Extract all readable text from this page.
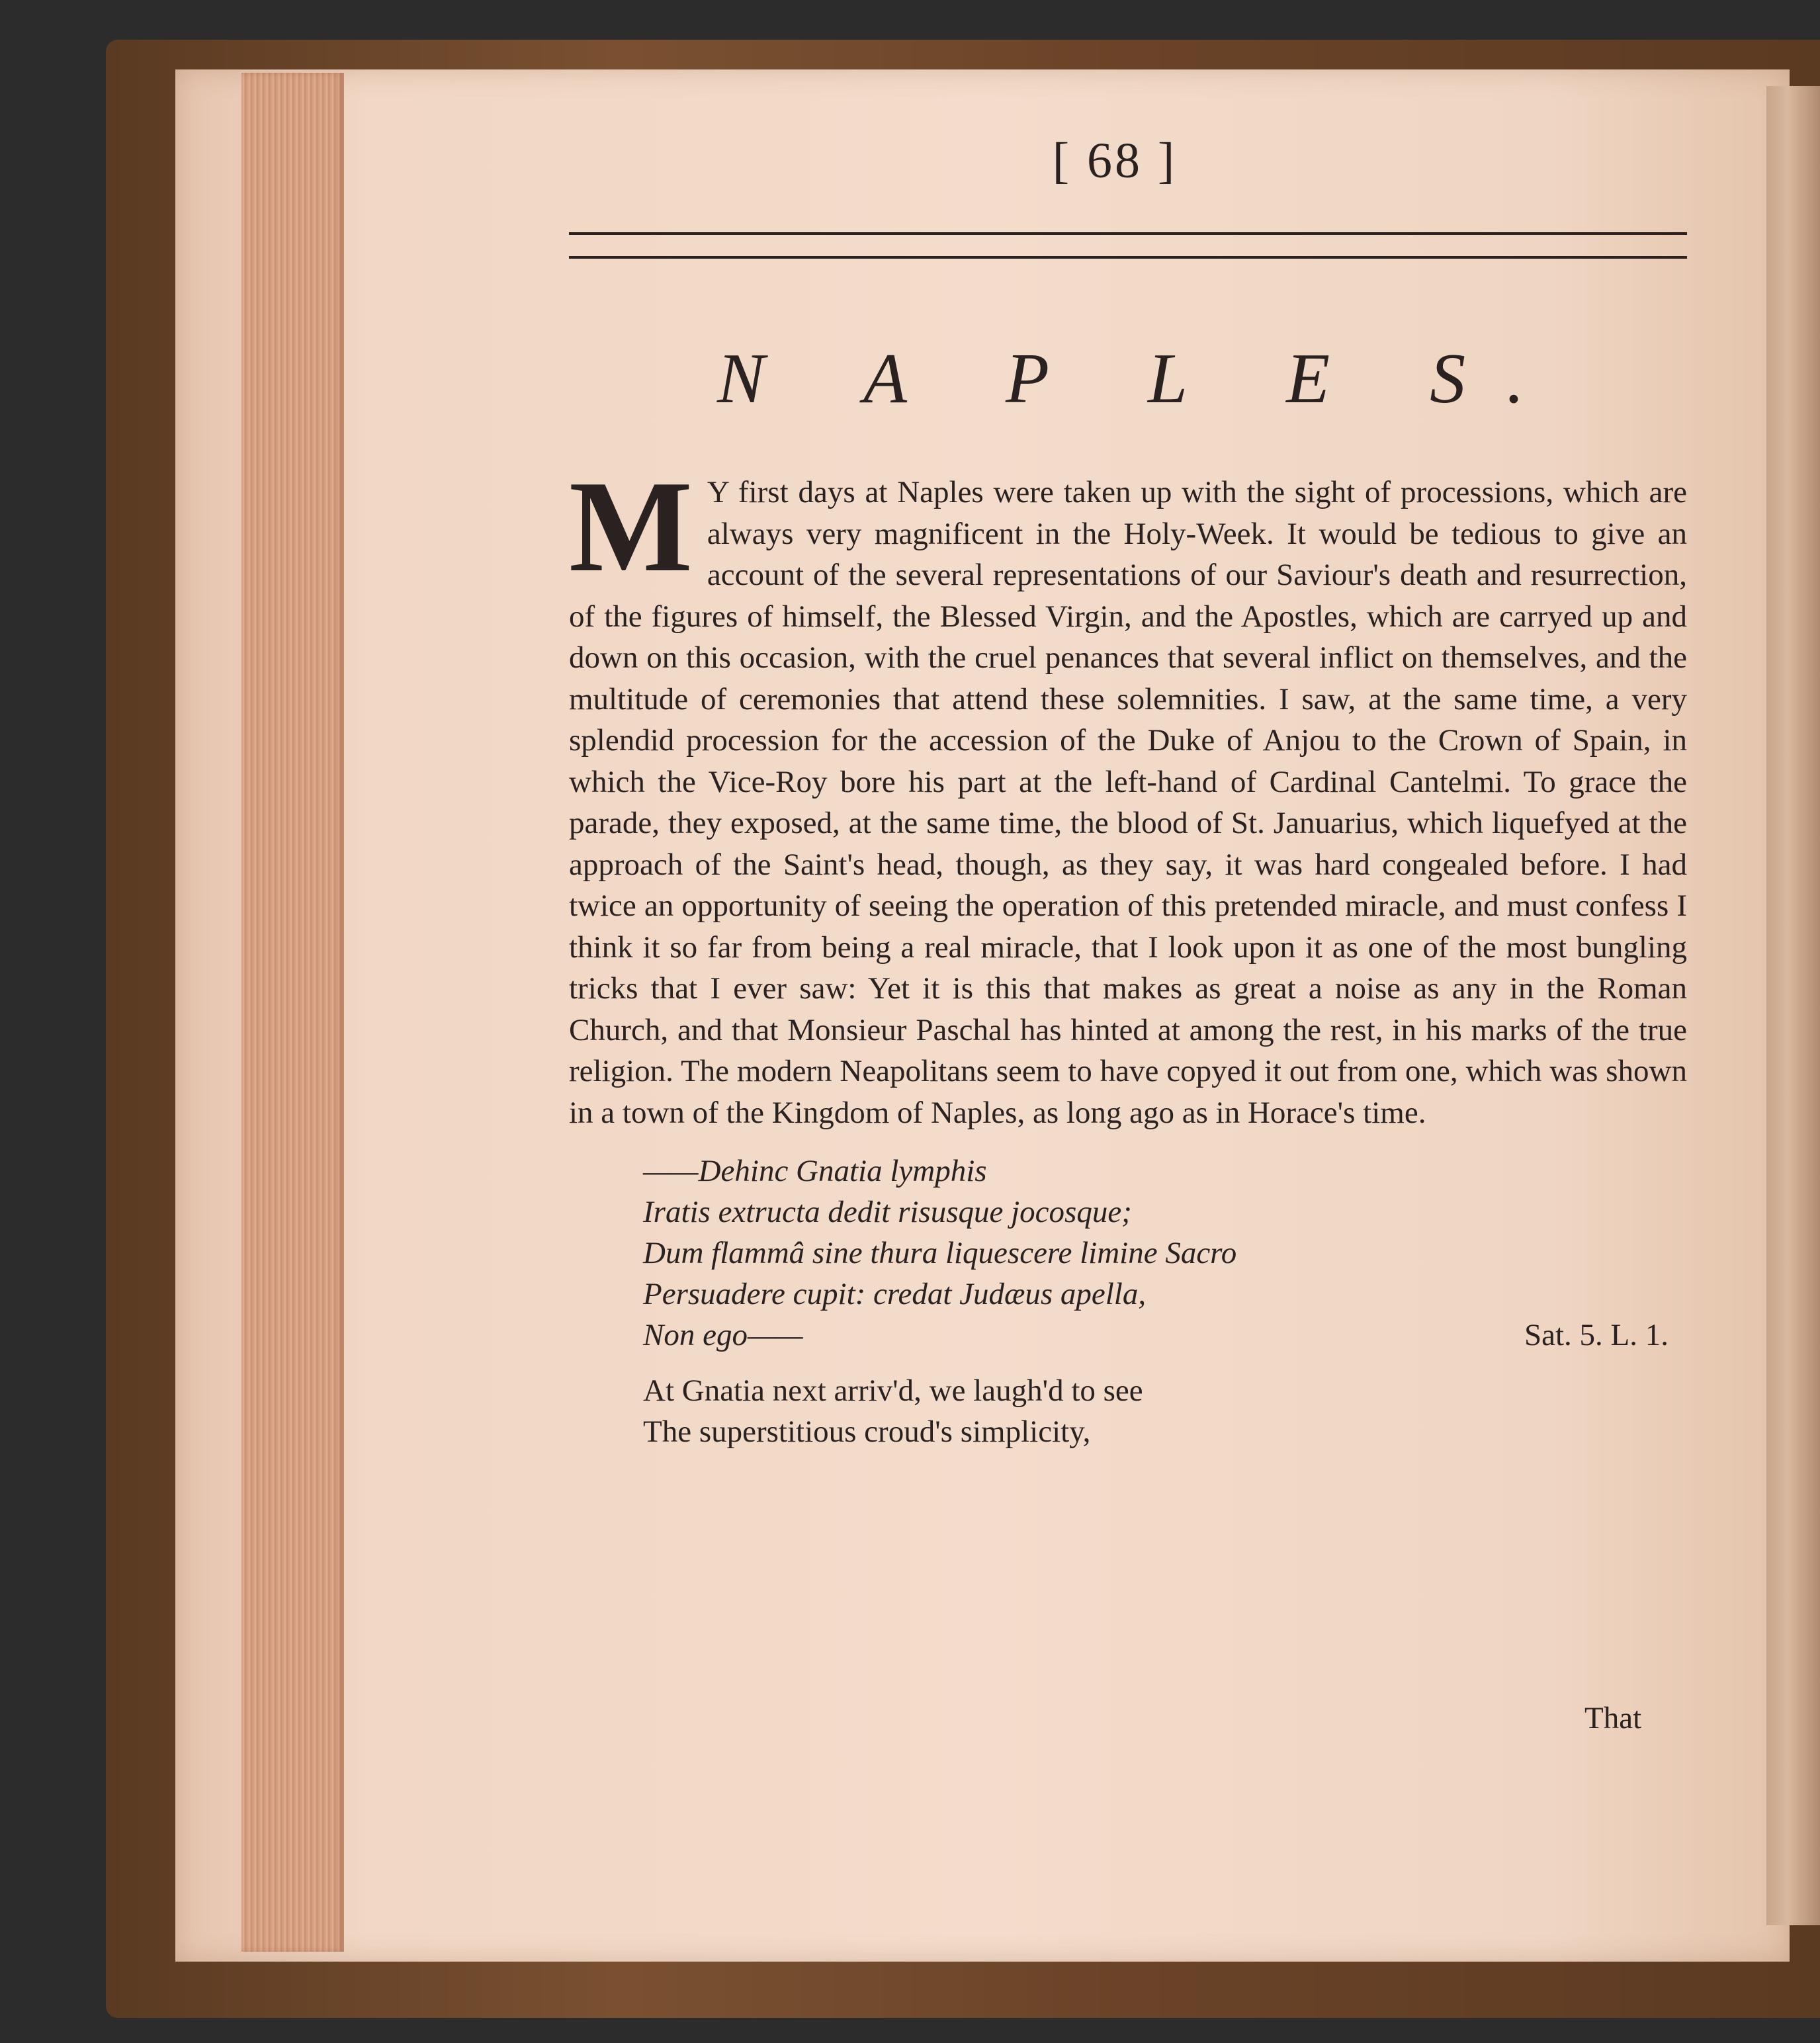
[ 68 ]
N A P L E S.
M Y first days at Naples were taken up with the sight of processions, which are always very magnificent in the Holy-Week. It would be tedious to give an account of the several representations of our Saviour's death and resurrection, of the figures of himself, the Blessed Virgin, and the Apostles, which are carryed up and down on this occasion, with the cruel penances that several inflict on themselves, and the multitude of ceremonies that attend these solemnities. I saw, at the same time, a very splendid procession for the accession of the Duke of Anjou to the Crown of Spain, in which the Vice-Roy bore his part at the left-hand of Cardinal Cantelmi. To grace the parade, they exposed, at the same time, the blood of St. Januarius, which liquefyed at the approach of the Saint's head, though, as they say, it was hard congealed before. I had twice an opportunity of seeing the operation of this pretended miracle, and must confess I think it so far from being a real miracle, that I look upon it as one of the most bungling tricks that I ever saw: Yet it is this that makes as great a noise as any in the Roman Church, and that Monsieur Paschal has hinted at among the rest, in his marks of the true religion. The modern Neapolitans seem to have copyed it out from one, which was shown in a town of the Kingdom of Naples, as long ago as in Horace's time.
——Dehinc Gnatia lymphis
Iratis extructa dedit risusque jocosque;
Dum flammâ sine thura liquescere limine Sacro
Persuadere cupit: credat Judæus apella,
Non ego——	Sat. 5. L. 1.
At Gnatia next arriv'd, we laugh'd to see
The superstitious croud's simplicity,
That
